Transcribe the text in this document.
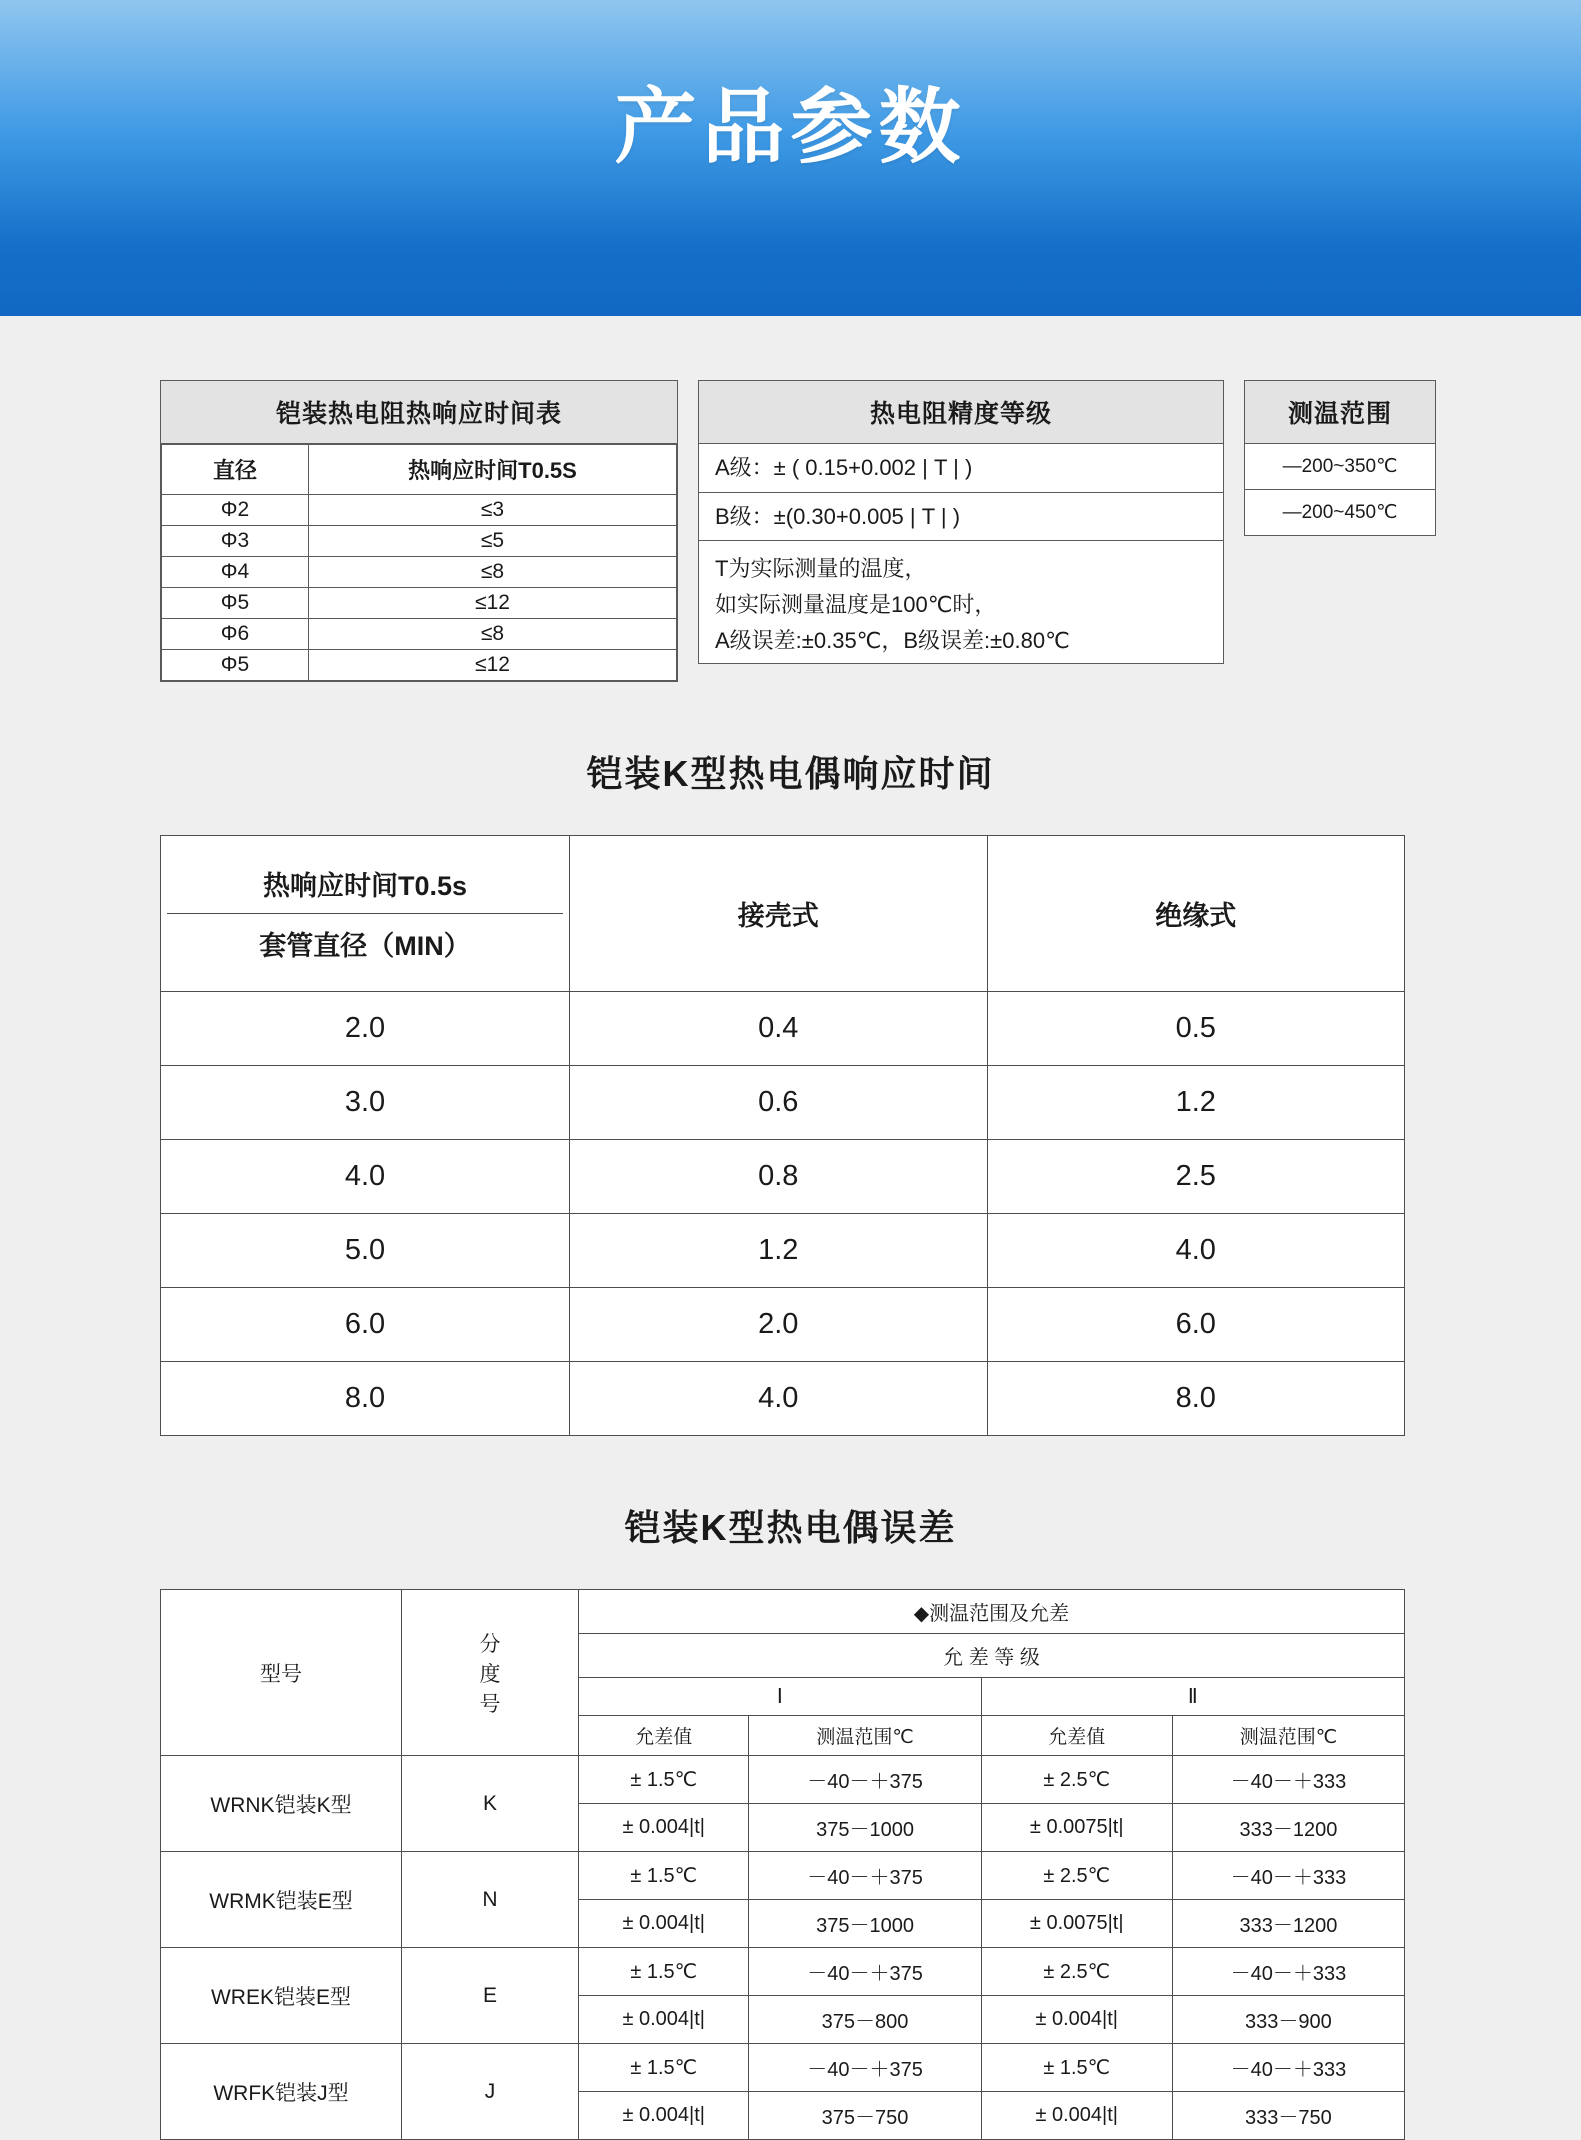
产品参数
铠装热电阻热响应时间表
直径	热响应时间T0.5S
Φ2	≤3
Φ3	≤5
Φ4	≤8
Φ5	≤12
Φ6	≤8
Φ5	≤12
热电阻精度等级
A级：± ( 0.15+0.002 | T | )
B级：±(0.30+0.005 | T | )
T为实际测量的温度，
如实际测量温度是100℃时，
A级误差:±0.35℃，B级误差:±0.80℃
测温范围
—200~350℃
—200~450℃
铠装K型热电偶响应时间
热响应时间T0.5s
套管直径（MIN）	接壳式	绝缘式
2.0	0.4	0.5
3.0	0.6	1.2
4.0	0.8	2.5
5.0	1.2	4.0
6.0	2.0	6.0
8.0	4.0	8.0
铠装K型热电偶误差
型号	分
度
号	◆测温范围及允差			
		允 差 等 级			
		Ⅰ		Ⅱ	
		允差值	测温范围℃	允差值	测温范围℃
WRNK铠装K型	K	± 1.5℃	－40－＋375	± 2.5℃	－40－＋333
		± 0.004|t|	375－1000	± 0.0075|t|	333－1200
WRMK铠装E型	N	± 1.5℃	－40－＋375	± 2.5℃	－40－＋333
		± 0.004|t|	375－1000	± 0.0075|t|	333－1200
WREK铠装E型	E	± 1.5℃	－40－＋375	± 2.5℃	－40－＋333
		± 0.004|t|	375－800	± 0.004|t|	333－900
WRFK铠装J型	J	± 1.5℃	－40－＋375	± 1.5℃	－40－＋333
		± 0.004|t|	375－750	± 0.004|t|	333－750
